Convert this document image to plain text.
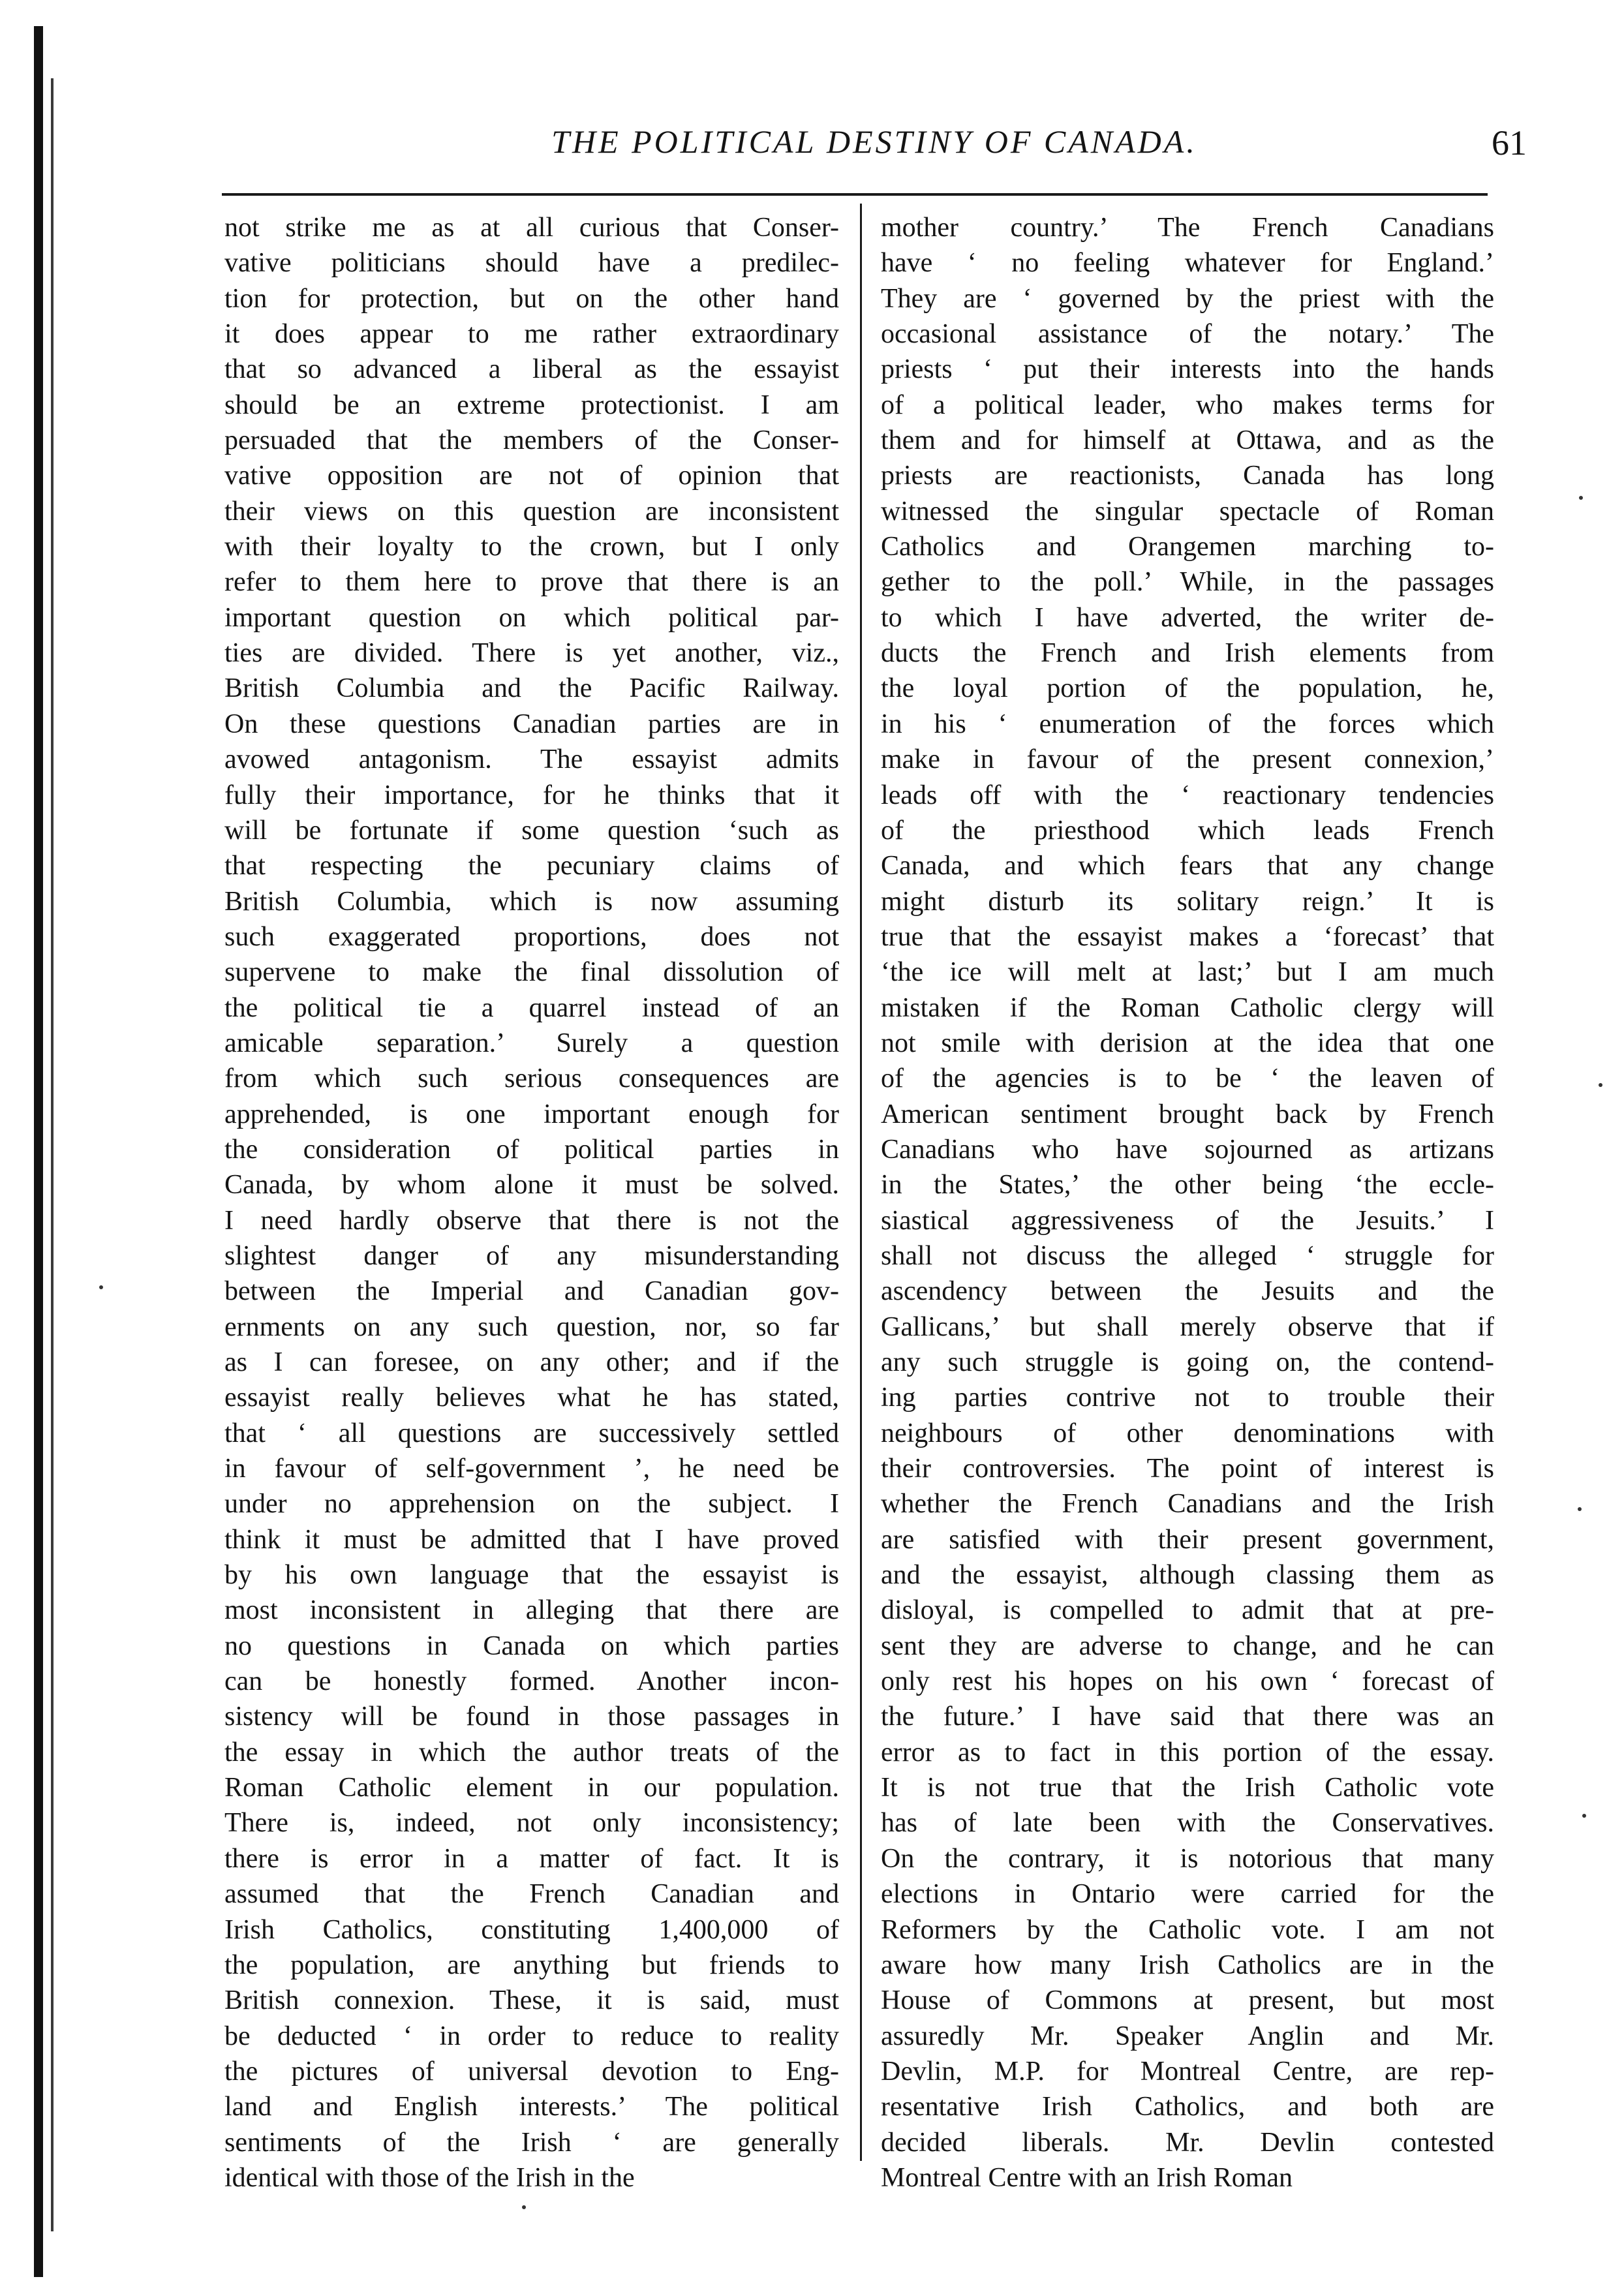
THE POLITICAL DESTINY OF CANADA.	61
not strike me as at all curious that Conser-
vative politicians should have a predilec-
tion for protection, but on the other hand
it does appear to me rather extraordinary
that so advanced a liberal as the essayist
should be an extreme protectionist. I am
persuaded that the members of the Conser-
vative opposition are not of opinion that
their views on this question are inconsistent
with their loyalty to the crown, but I only
refer to them here to prove that there is an
important question on which political par-
ties are divided. There is yet another, viz.,
British Columbia and the Pacific Railway.
On these questions Canadian parties are in
avowed antagonism. The essayist admits
fully their importance, for he thinks that it
will be fortunate if some question ‘such as
that respecting the pecuniary claims of
British Columbia, which is now assuming
such exaggerated proportions, does not
supervene to make the final dissolution of
the political tie a quarrel instead of an
amicable separation.’ Surely a question
from which such serious consequences are
apprehended, is one important enough for
the consideration of political parties in
Canada, by whom alone it must be solved.
I need hardly observe that there is not the
slightest danger of any misunderstanding
between the Imperial and Canadian gov-
ernments on any such question, nor, so far
as I can foresee, on any other; and if the
essayist really believes what he has stated,
that ‘ all questions are successively settled
in favour of self-government ’, he need be
under no apprehension on the subject. I
think it must be admitted that I have proved
by his own language that the essayist is
most inconsistent in alleging that there are
no questions in Canada on which parties
can be honestly formed. Another incon-
sistency will be found in those passages in
the essay in which the author treats of the
Roman Catholic element in our population.
There is, indeed, not only inconsistency;
there is error in a matter of fact. It is
assumed that the French Canadian and
Irish Catholics, constituting 1,400,000 of
the population, are anything but friends to
British connexion. These, it is said, must
be deducted ‘ in order to reduce to reality
the pictures of universal devotion to Eng-
land and English interests.’ The political
sentiments of the Irish ‘ are generally
identical with those of the Irish in the
mother country.’ The French Canadians
have ‘ no feeling whatever for England.’
They are ‘ governed by the priest with the
occasional assistance of the notary.’ The
priests ‘ put their interests into the hands
of a political leader, who makes terms for
them and for himself at Ottawa, and as the
priests are reactionists, Canada has long
witnessed the singular spectacle of Roman
Catholics and Orangemen marching to-
gether to the poll.’ While, in the passages
to which I have adverted, the writer de-
ducts the French and Irish elements from
the loyal portion of the population, he,
in his ‘ enumeration of the forces which
make in favour of the present connexion,’
leads off with the ‘ reactionary tendencies
of the priesthood which leads French
Canada, and which fears that any change
might disturb its solitary reign.’ It is
true that the essayist makes a ‘forecast’ that
‘the ice will melt at last;’ but I am much
mistaken if the Roman Catholic clergy will
not smile with derision at the idea that one
of the agencies is to be ‘ the leaven of
American sentiment brought back by French
Canadians who have sojourned as artizans
in the States,’ the other being ‘the eccle-
siastical aggressiveness of the Jesuits.’ I
shall not discuss the alleged ‘ struggle for
ascendency between the Jesuits and the
Gallicans,’ but shall merely observe that if
any such struggle is going on, the contend-
ing parties contrive not to trouble their
neighbours of other denominations with
their controversies. The point of interest is
whether the French Canadians and the Irish
are satisfied with their present government,
and the essayist, although classing them as
disloyal, is compelled to admit that at pre-
sent they are adverse to change, and he can
only rest his hopes on his own ‘ forecast of
the future.’ I have said that there was an
error as to fact in this portion of the essay.
It is not true that the Irish Catholic vote
has of late been with the Conservatives.
On the contrary, it is notorious that many
elections in Ontario were carried for the
Reformers by the Catholic vote. I am not
aware how many Irish Catholics are in the
House of Commons at present, but most
assuredly Mr. Speaker Anglin and Mr.
Devlin, M.P. for Montreal Centre, are rep-
resentative Irish Catholics, and both are
decided liberals. Mr. Devlin contested
Montreal Centre with an Irish Roman
